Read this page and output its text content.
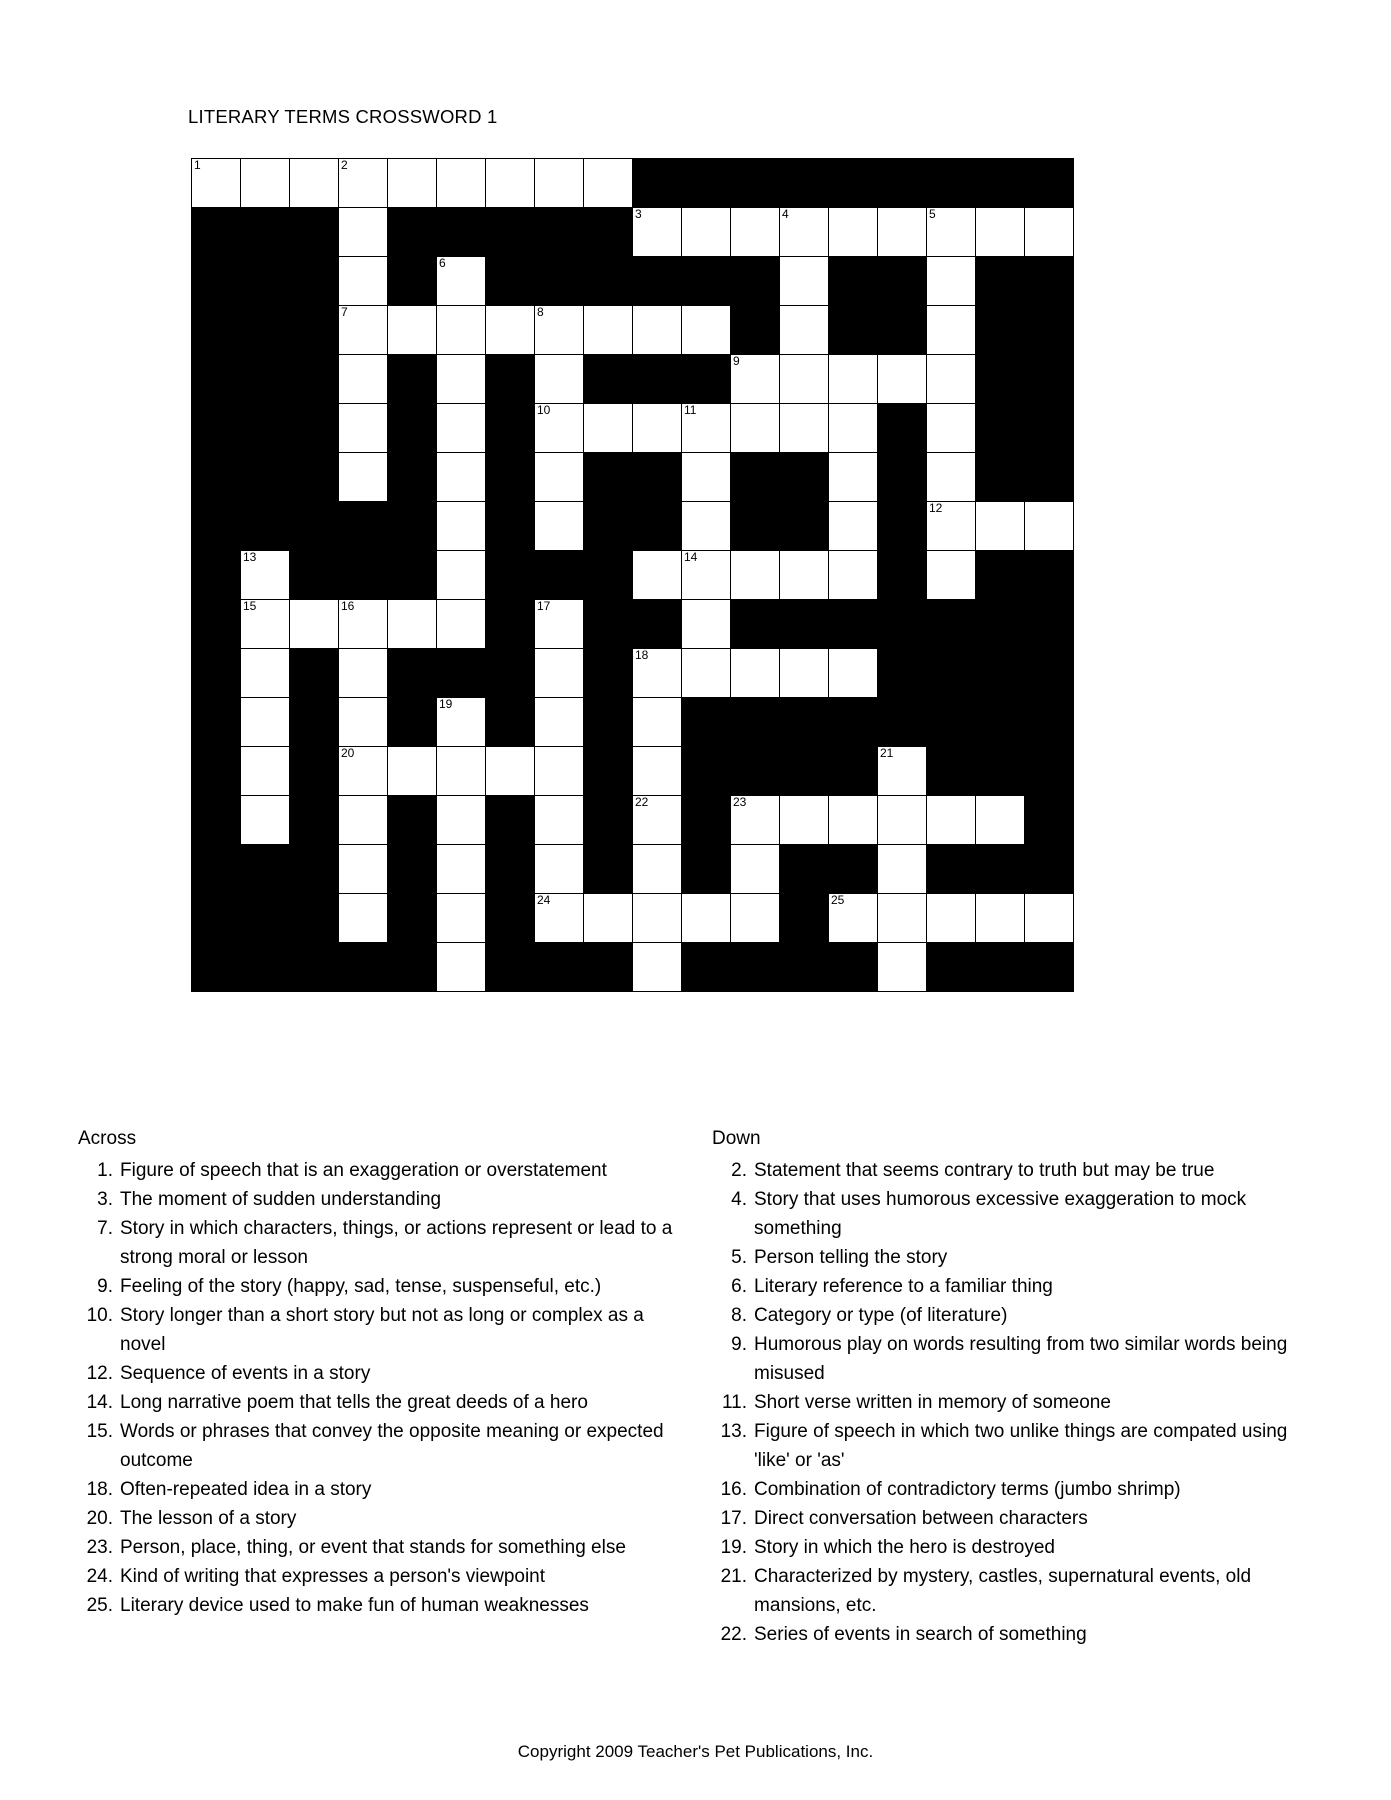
LITERARY TERMS CROSSWORD 1
1			2														

									3			4			5		

					6												

			7				8										

											9						

							10			11							

															12		

	13									14							

	15		16				17										

									18								

					19												

			20											21			

									22		23						

							24						25				

Across
1. Figure of speech that is an exaggeration or overstatement
3. The moment of sudden understanding
7. Story in which characters, things, or actions represent or lead to a strong moral or lesson
9. Feeling of the story (happy, sad, tense, suspenseful, etc.)
10. Story longer than a short story but not as long or complex as a novel
12. Sequence of events in a story
14. Long narrative poem that tells the great deeds of a hero
15. Words or phrases that convey the opposite meaning or expected outcome
18. Often-repeated idea in a story
20. The lesson of a story
23. Person, place, thing, or event that stands for something else
24. Kind of writing that expresses a person's viewpoint
25. Literary device used to make fun of human weaknesses
Down
2. Statement that seems contrary to truth but may be true
4. Story that uses humorous excessive exaggeration to mock something
5. Person telling the story
6. Literary reference to a familiar thing
8. Category or type (of literature)
9. Humorous play on words resulting from two similar words being misused
11. Short verse written in memory of someone
13. Figure of speech in which two unlike things are compated using 'like' or 'as'
16. Combination of contradictory terms (jumbo shrimp)
17. Direct conversation between characters
19. Story in which the hero is destroyed
21. Characterized by mystery, castles, supernatural events, old mansions, etc.
22. Series of events in search of something
Copyright 2009 Teacher's Pet Publications, Inc.
